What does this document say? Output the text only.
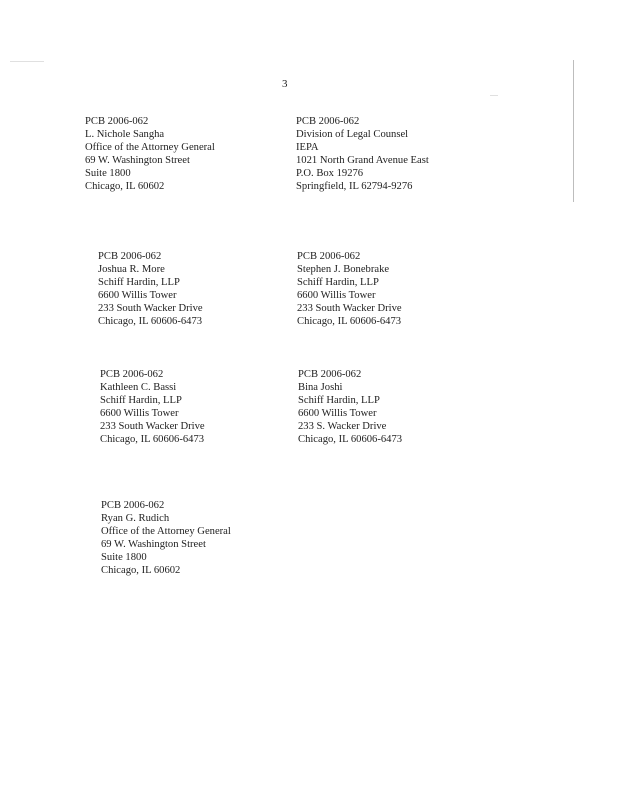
3
PCB 2006-062
L. Nichole Sangha
Office of the Attorney General
69 W. Washington Street
Suite 1800
Chicago, IL 60602
PCB 2006-062
Division of Legal Counsel
IEPA
1021 North Grand Avenue East
P.O. Box 19276
Springfield, IL 62794-9276
PCB 2006-062
Joshua R. More
Schiff Hardin, LLP
6600 Willis Tower
233 South Wacker Drive
Chicago, IL 60606-6473
PCB 2006-062
Stephen J. Bonebrake
Schiff Hardin, LLP
6600 Willis Tower
233 South Wacker Drive
Chicago, IL 60606-6473
PCB 2006-062
Kathleen C. Bassi
Schiff Hardin, LLP
6600 Willis Tower
233 South Wacker Drive
Chicago, IL 60606-6473
PCB 2006-062
Bina Joshi
Schiff Hardin, LLP
6600 Willis Tower
233 S. Wacker Drive
Chicago, IL 60606-6473
PCB 2006-062
Ryan G. Rudich
Office of the Attorney General
69 W. Washington Street
Suite 1800
Chicago, IL 60602
